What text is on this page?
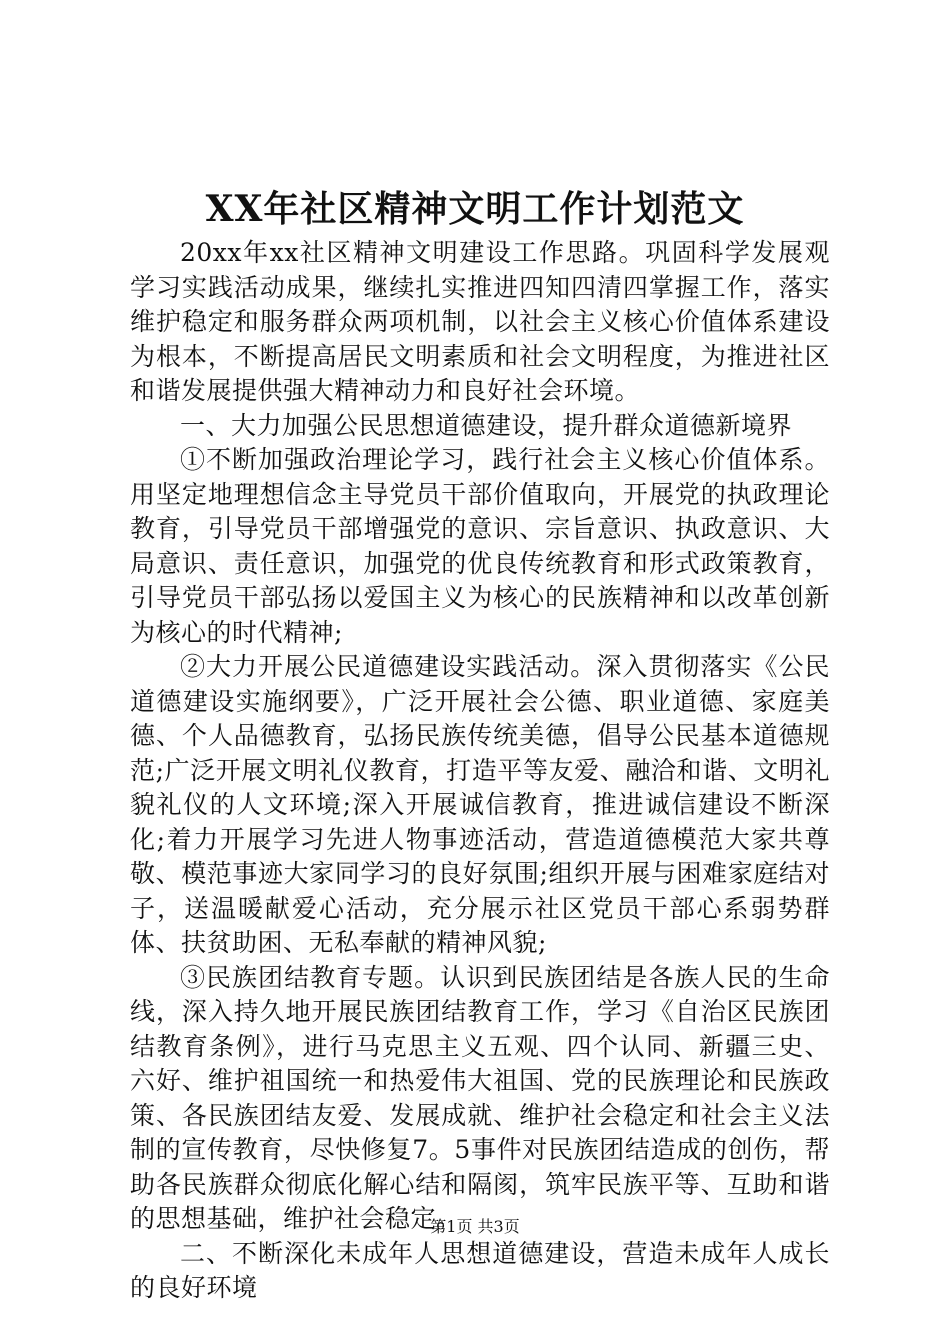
XX年社区精神文明工作计划范文

20xx年xx社区精神文明建设工作思路。巩固科学发展观学习实践活动成果，继续扎实推进四知四清四掌握工作，落实维护稳定和服务群众两项机制，以社会主义核心价值体系建设为根本，不断提高居民文明素质和社会文明程度，为推进社区和谐发展提供强大精神动力和良好社会环境。

一、大力加强公民思想道德建设，提升群众道德新境界

①不断加强政治理论学习，践行社会主义核心价值体系。用坚定地理想信念主导党员干部价值取向，开展党的执政理论教育，引导党员干部增强党的意识、宗旨意识、执政意识、大局意识、责任意识，加强党的优良传统教育和形式政策教育，引导党员干部弘扬以爱国主义为核心的民族精神和以改革创新为核心的时代精神;

②大力开展公民道德建设实践活动。深入贯彻落实《公民道德建设实施纲要》，广泛开展社会公德、职业道德、家庭美德、个人品德教育，弘扬民族传统美德，倡导公民基本道德规范;广泛开展文明礼仪教育，打造平等友爱、融洽和谐、文明礼貌礼仪的人文环境;深入开展诚信教育，推进诚信建设不断深化;着力开展学习先进人物事迹活动，营造道德模范大家共尊敬、模范事迹大家同学习的良好氛围;组织开展与困难家庭结对子，送温暖献爱心活动，充分展示社区党员干部心系弱势群体、扶贫助困、无私奉献的精神风貌;

③民族团结教育专题。认识到民族团结是各族人民的生命线，深入持久地开展民族团结教育工作，学习《自治区民族团结教育条例》，进行马克思主义五观、四个认同、新疆三史、六好、维护祖国统一和热爱伟大祖国、党的民族理论和民族政策、各民族团结友爱、发展成就、维护社会稳定和社会主义法制的宣传教育，尽快修复7。5事件对民族团结造成的创伤，帮助各民族群众彻底化解心结和隔阂，筑牢民族平等、互助和谐的思想基础，维护社会稳定。

二、不断深化未成年人思想道德建设，营造未成年人成长的良好环境

第1页 共3页
